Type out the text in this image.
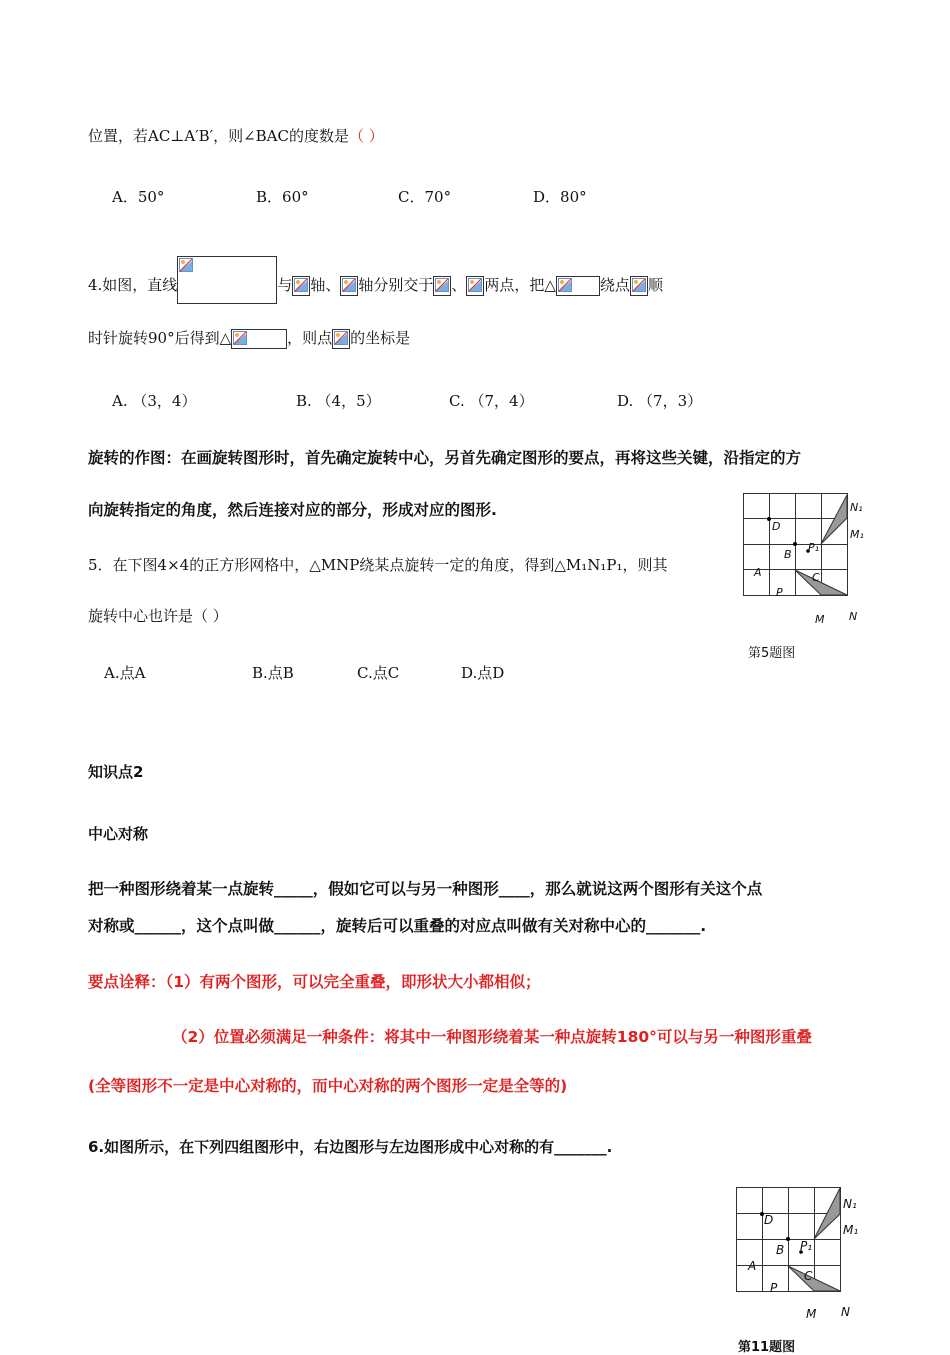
位置，若AC⊥A′B′，则∠BAC的度数是（ ）
A．50°	B．60°	C．70°	D．80°
4.如图，直线	与 轴、 轴分别交于 、 两点，把△	绕点 顺
时针旋转90°后得到△	，则点 的坐标是
A. （3，4）	B. （4，5）	C. （7，4）	D. （7，3）
旋转的作图：在画旋转图形时，首先确定旋转中心，另首先确定图形的要点，再将这些关键，沿指定的方
向旋转指定的角度，然后连接对应的部分，形成对应的图形.
5．在下图4×4的正方形网格中，△MNP绕某点旋转一定的角度，得到△M₁N₁P₁，则其
旋转中心也许是（ ）
A.点A	B.点B	C.点C	D.点D
N₁
M₁
D
B
P₁
A	C
P
M N
第5题图
知识点2
中心对称
把一种图形绕着某一点旋转_____，假如它可以与另一种图形____，那么就说这两个图形有关这个点
对称或______，这个点叫做______，旋转后可以重叠的对应点叫做有关对称中心的_______.
要点诠释：（1）有两个图形，可以完全重叠，即形状大小都相似；
（2）位置必须满足一种条件：将其中一种图形绕着某一种点旋转180°可以与另一种图形重叠
(全等图形不一定是中心对称的，而中心对称的两个图形一定是全等的)
6.如图所示，在下列四组图形中，右边图形与左边图形成中心对称的有_______.
N₁
M₁
D
B P₁
A
C
P
M N
第11题图
